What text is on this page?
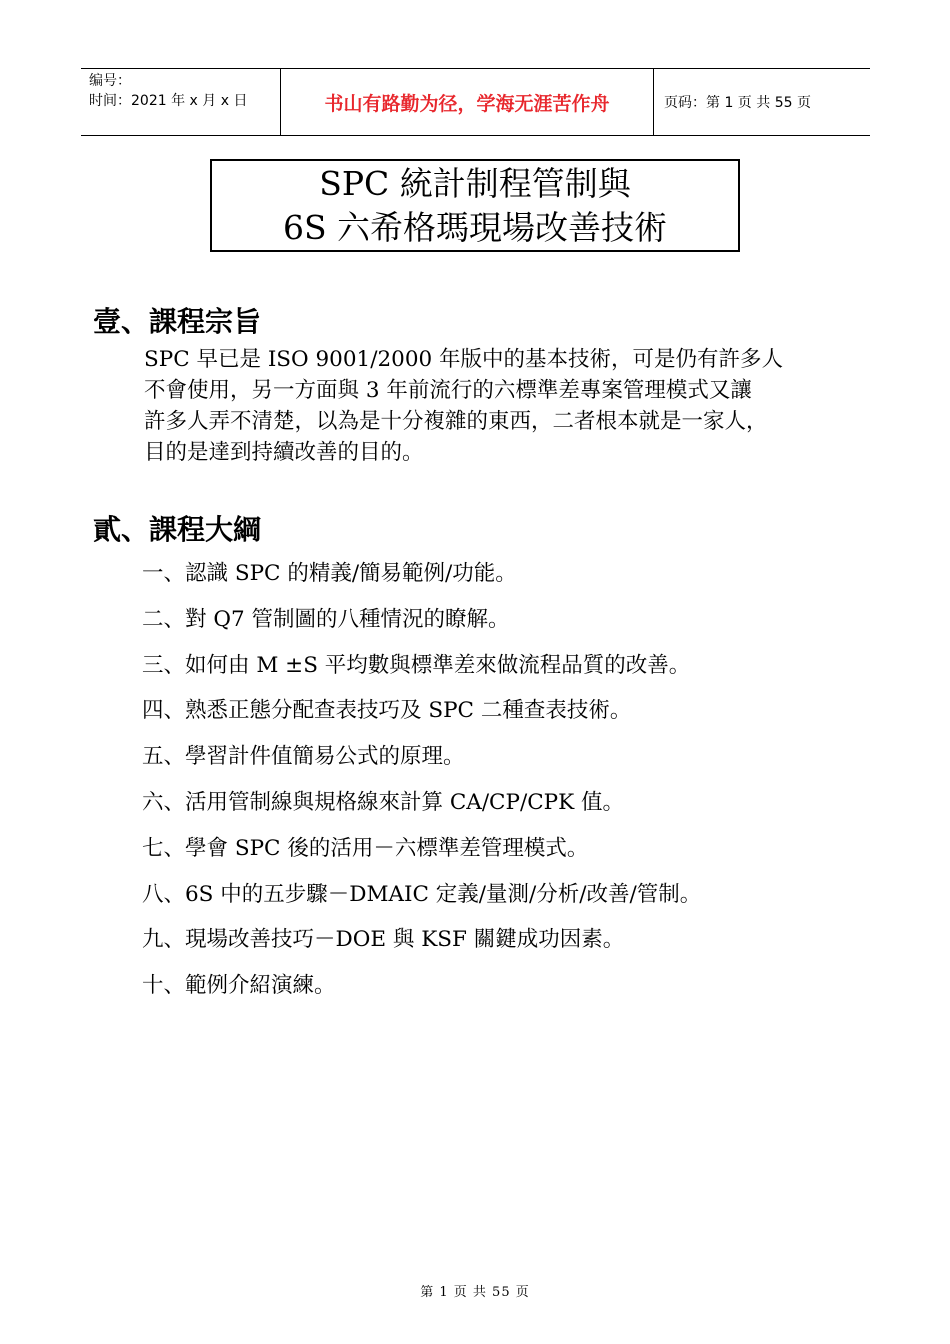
编号：
时间：2021 年 x 月 x 日	书山有路勤为径，学海无涯苦作舟	页码：第 1 页 共 55 页
SPC 統計制程管制與
6S 六希格瑪現場改善技術
壹、課程宗旨
SPC 早已是 ISO 9001/2000 年版中的基本技術，可是仍有許多人
不會使用，另一方面與 3 年前流行的六標準差專案管理模式又讓
許多人弄不清楚，以為是十分複雜的東西，二者根本就是一家人，
目的是達到持續改善的目的。
貳、課程大綱
一、認識 SPC 的精義/簡易範例/功能。
二、對 Q7 管制圖的八種情況的瞭解。
三、如何由 M ±S 平均數與標準差來做流程品質的改善。
四、熟悉正態分配查表技巧及 SPC 二種查表技術。
五、學習計件值簡易公式的原理。
六、活用管制線與規格線來計算 CA/CP/CPK 值。
七、學會 SPC 後的活用－六標準差管理模式。
八、6S 中的五步驟－DMAIC 定義/量測/分析/改善/管制。
九、現場改善技巧－DOE 與 KSF 關鍵成功因素。
十、範例介紹演練。
第 1 页 共 55 页
